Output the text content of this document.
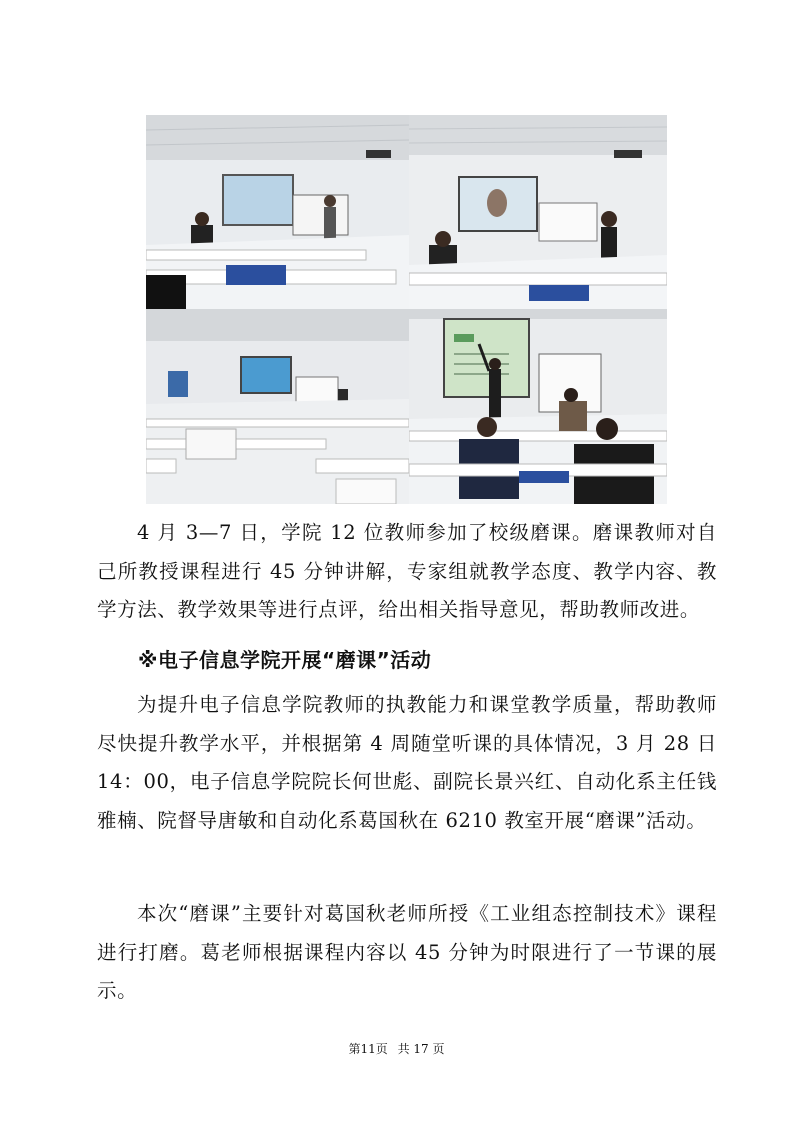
4 月 3—7 日，学院 12 位教师参加了校级磨课。磨课教师对自己所教授课程进行 45 分钟讲解，专家组就教学态度、教学内容、教学方法、教学效果等进行点评，给出相关指导意见，帮助教师改进。

※电子信息学院开展“磨课”活动

为提升电子信息学院教师的执教能力和课堂教学质量，帮助教师尽快提升教学水平，并根据第 4 周随堂听课的具体情况，3 月 28 日 14：00，电子信息学院院长何世彪、副院长景兴红、自动化系主任钱雅楠、院督导唐敏和自动化系葛国秋在 6210 教室开展“磨课”活动。

本次“磨课”主要针对葛国秋老师所授《工业组态控制技术》课程进行打磨。葛老师根据课程内容以 45 分钟为时限进行了一节课的展示。

第11页 共 17 页
